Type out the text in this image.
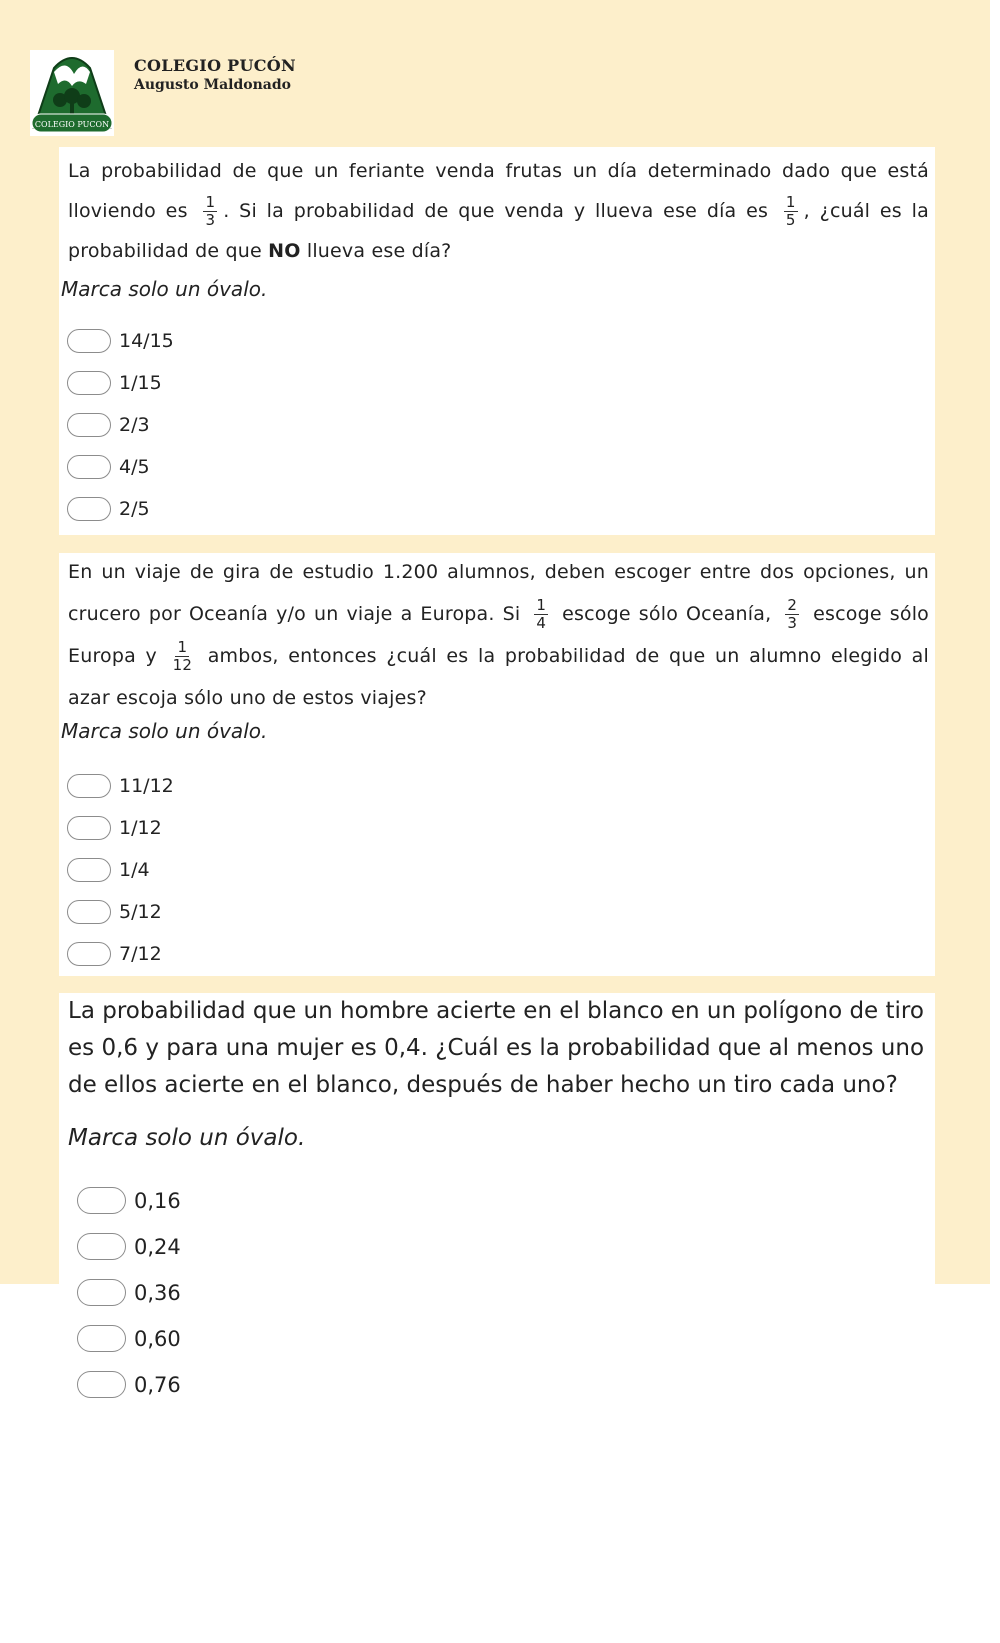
COLEGIO PUCON
COLEGIO PUCÓN
Augusto Maldonado
La probabilidad de que un feriante venda frutas un día determinado dado que está lloviendo es $\frac{1}{3}$ . Si la probabilidad de que venda y llueva ese día es $\frac{1}{5}$ , ¿cuál es la probabilidad de que NO llueva ese día?
Marca solo un óvalo.
14/15
1/15
2/3
4/5
2/5
En un viaje de gira de estudio 1.200 alumnos, deben escoger entre dos opciones, un crucero por Oceanía y/o un viaje a Europa. Si $\frac{1}{4}$ escoge sólo Oceanía, $\frac{2}{3}$ escoge sólo Europa y $\frac{1}{12}$ ambos, entonces ¿cuál es la probabilidad de que un alumno elegido al azar escoja sólo uno de estos viajes?
Marca solo un óvalo.
11/12
1/12
1/4
5/12
7/12
La probabilidad que un hombre acierte en el blanco en un polígono de tiro es 0,6 y para una mujer es 0,4. ¿Cuál es la probabilidad que al menos uno de ellos acierte en el blanco, después de haber hecho un tiro cada uno?
Marca solo un óvalo.
0,16
0,24
0,36
0,60
0,76
